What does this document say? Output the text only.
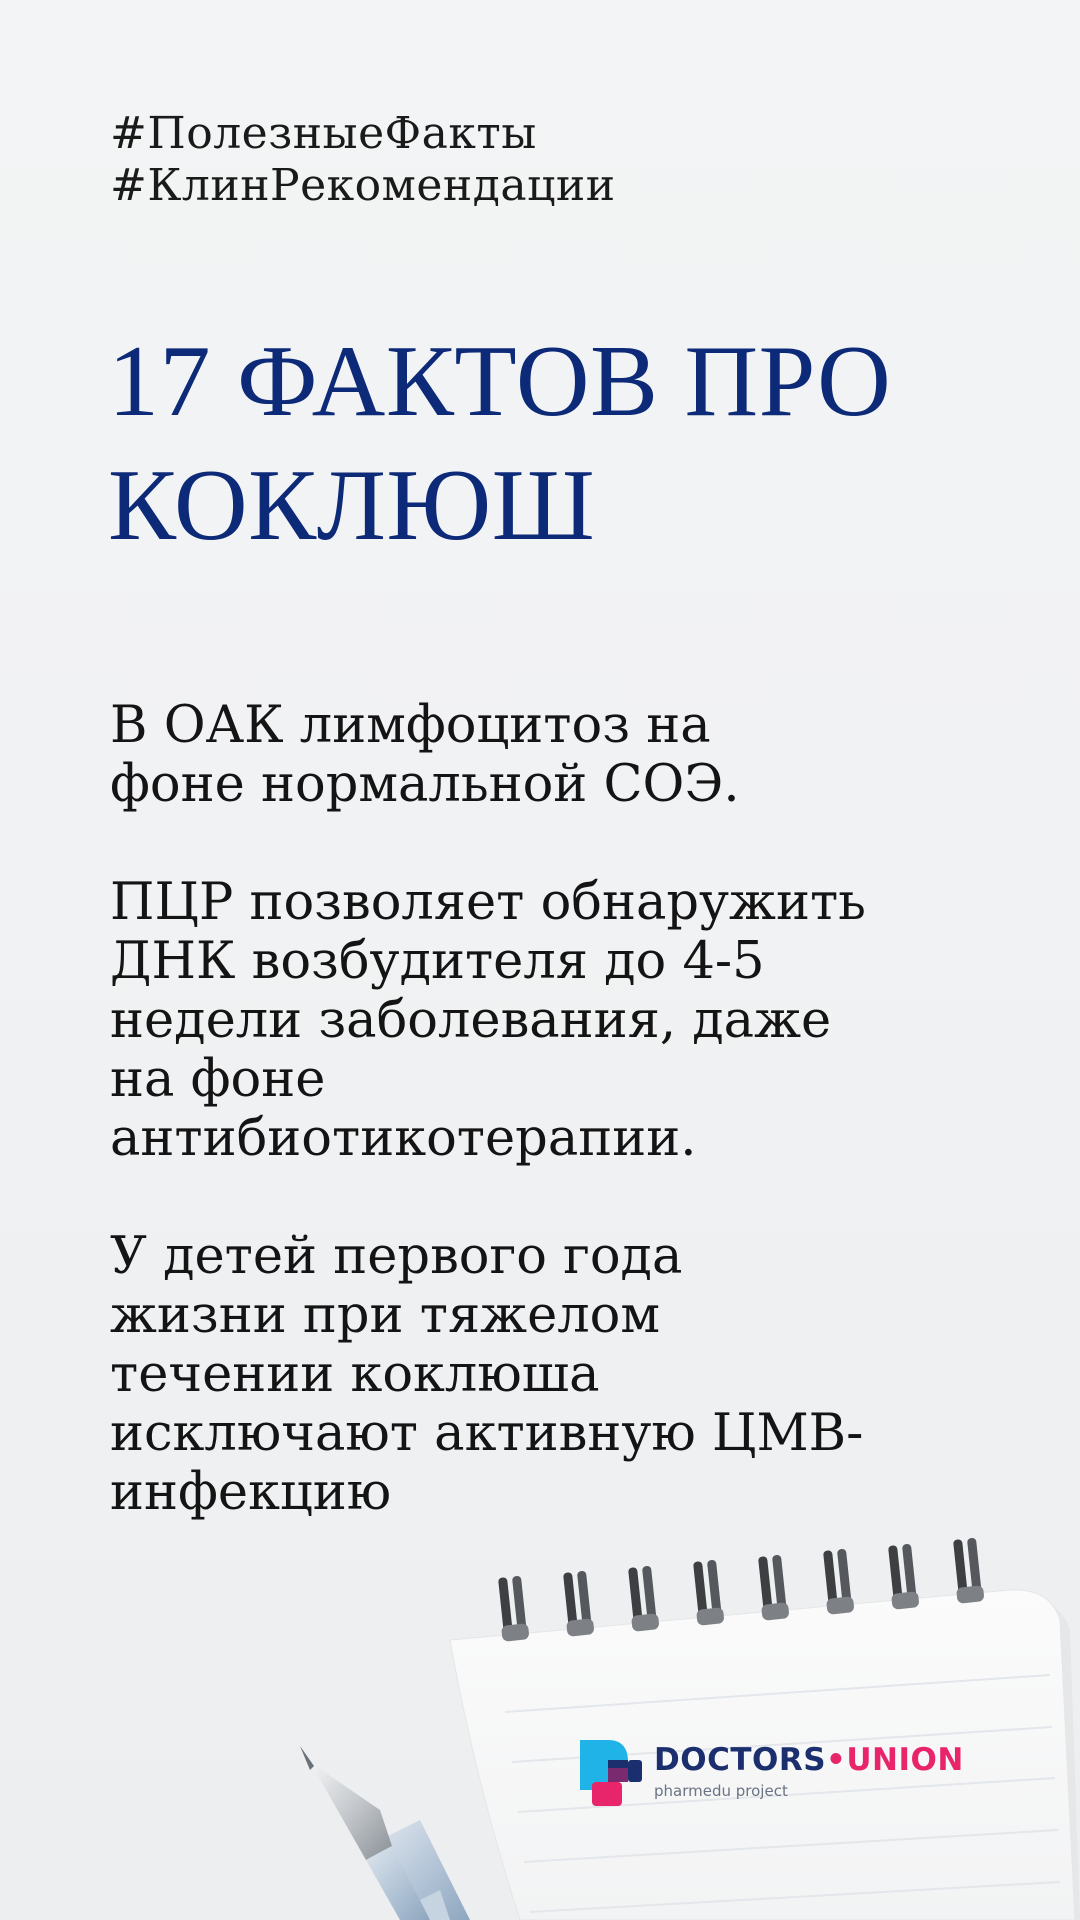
#ПолезныеФакты
#КлинРекомендации
17 ФАКТОВ ПРО
КОКЛЮШ

В ОАК лимфоцитоз на
фоне нормальной СОЭ.

ПЦР позволяет обнаружить
ДНК возбудителя до 4-5
недели заболевания, даже
на фоне
антибиотикотерапии.

У детей первого года
жизни при тяжелом
течении коклюша
исключают активную ЦМВ-
инфекцию

DOCTORS•UNION
pharmedu project
